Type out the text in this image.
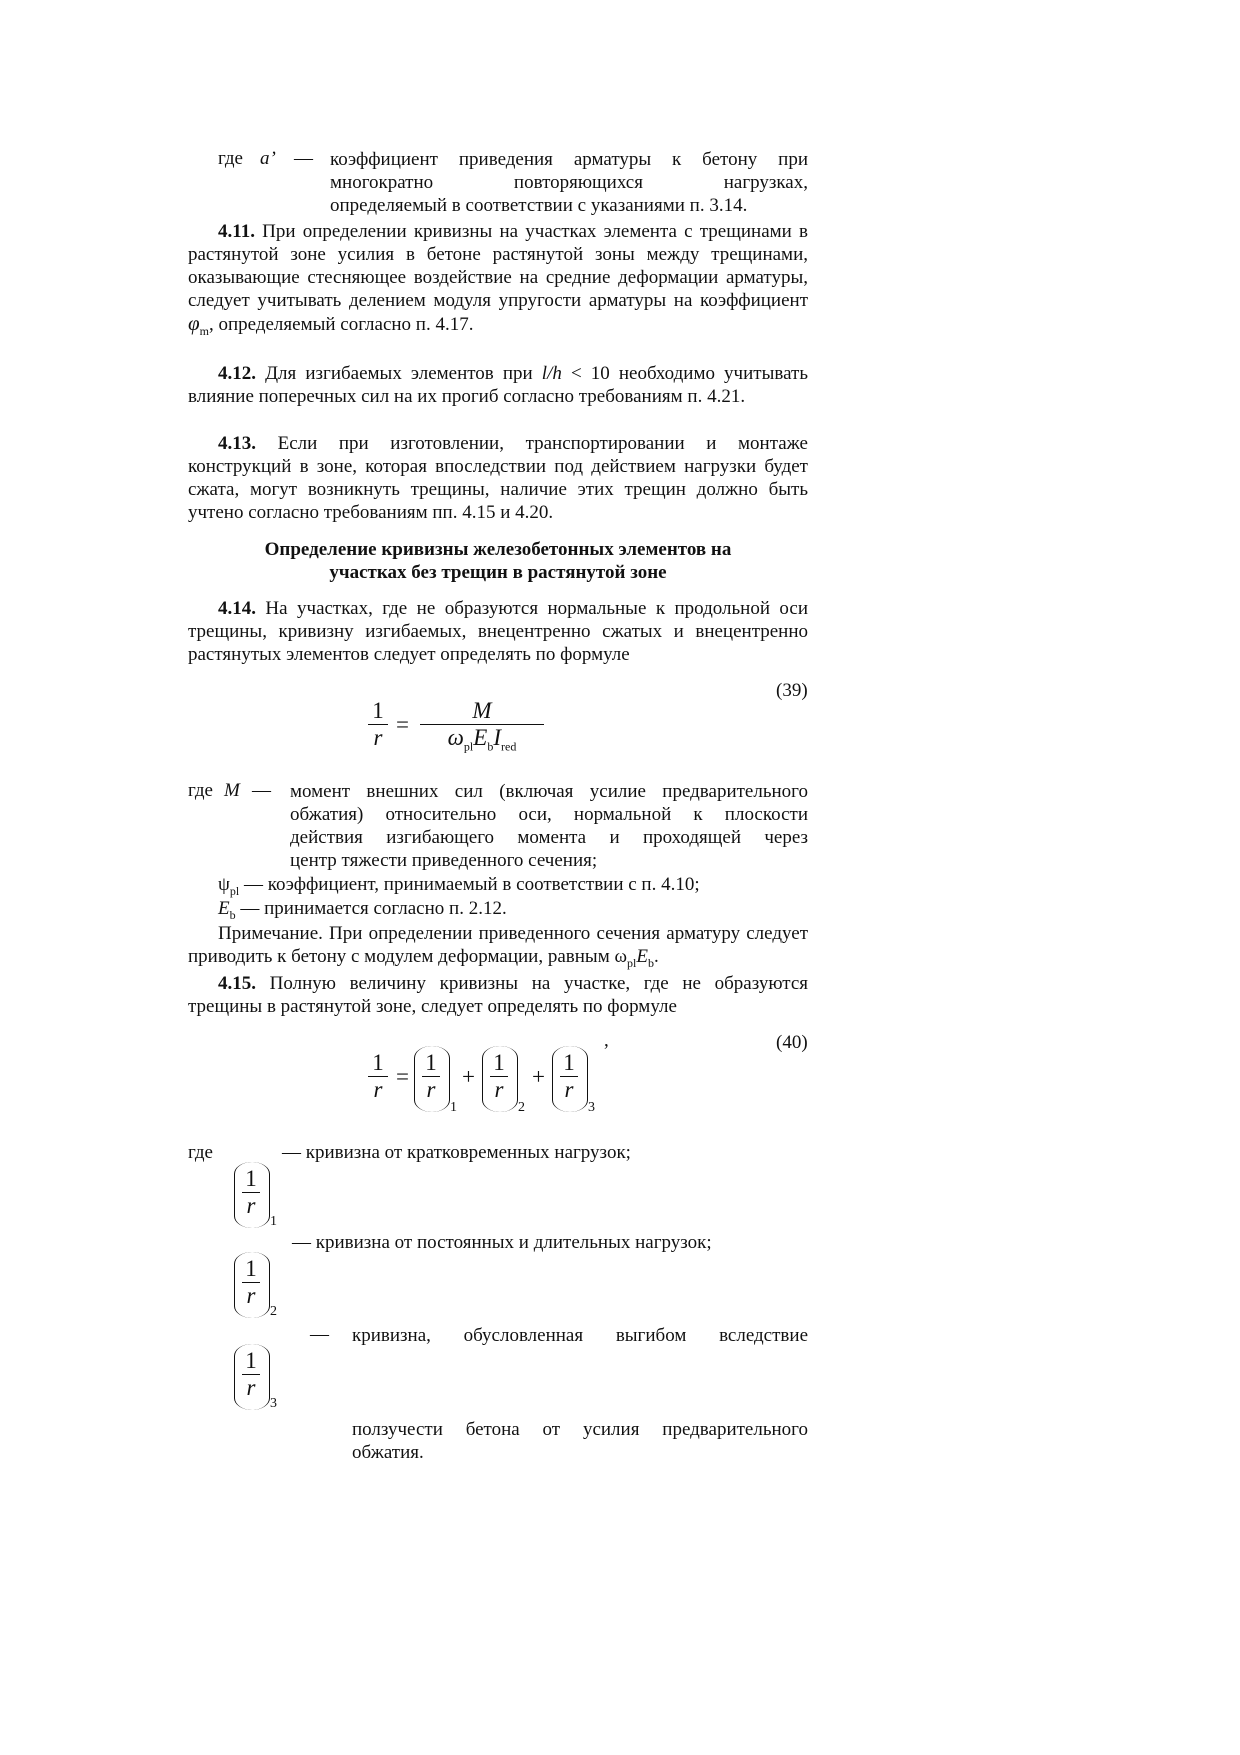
где a’ — коэффициент приведения арматуры к бетону при
многократно повторяющихся нагрузках,
определяемый в соответствии с указаниями п. 3.14.

4.11. При определении кривизны на участках элемента с трещинами в растянутой зоне усилия в бетоне растянутой зоны между трещинами, оказывающие стесняющее воздействие на средние деформации арматуры, следует учитывать делением модуля упругости арматуры на коэффициент $\varphi_m$, определяемый согласно п. 4.17.

4.12. Для изгибаемых элементов при l/h < 10 необходимо учитывать влияние поперечных сил на их прогиб согласно требованиям п. 4.21.

4.13. Если при изготовлении, транспортировании и монтаже конструкций в зоне, которая впоследствии под действием нагрузки будет сжата, могут возникнуть трещины, наличие этих трещин должно быть учтено согласно требованиям пп. 4.15 и 4.20.

Определение кривизны железобетонных элементов на
участках без трещин в растянутой зоне

4.14. На участках, где не образуются нормальные к продольной оси трещины, кривизну изгибаемых, внецентренно сжатых и внецентренно растянутых элементов следует определять по формуле

(39)
1
r
=
M
$\omega_{pl}E_bI_{red}$
где M — момент внешних сил (включая усилие предварительного
обжатия) относительно оси, нормальной к плоскости
действия изгибающего момента и проходящей через
центр тяжести приведенного сечения;
$\psi_{pl}$ — коэффициент, принимаемый в соответствии с п. 4.10;
$E_b$ — принимается согласно п. 2.12.

Примечание. При определении приведенного сечения арматуру следует приводить к бетону с модулем деформации, равным $\omega_{pl}E_b$.

4.15. Полную величину кривизны на участке, где не образуются трещины в растянутой зоне, следует определять по формуле

(40)
,
1
r
=
1
r
1
+
1
r
2
+
1
r
3
где	— кривизна от кратковременных нагрузок;
1
r
1
— кривизна от постоянных и длительных нагрузок;
1
r
2
— кривизна, обусловленная выгибом вследствие
1
r
3
ползучести бетона от усилия предварительного
обжатия.
